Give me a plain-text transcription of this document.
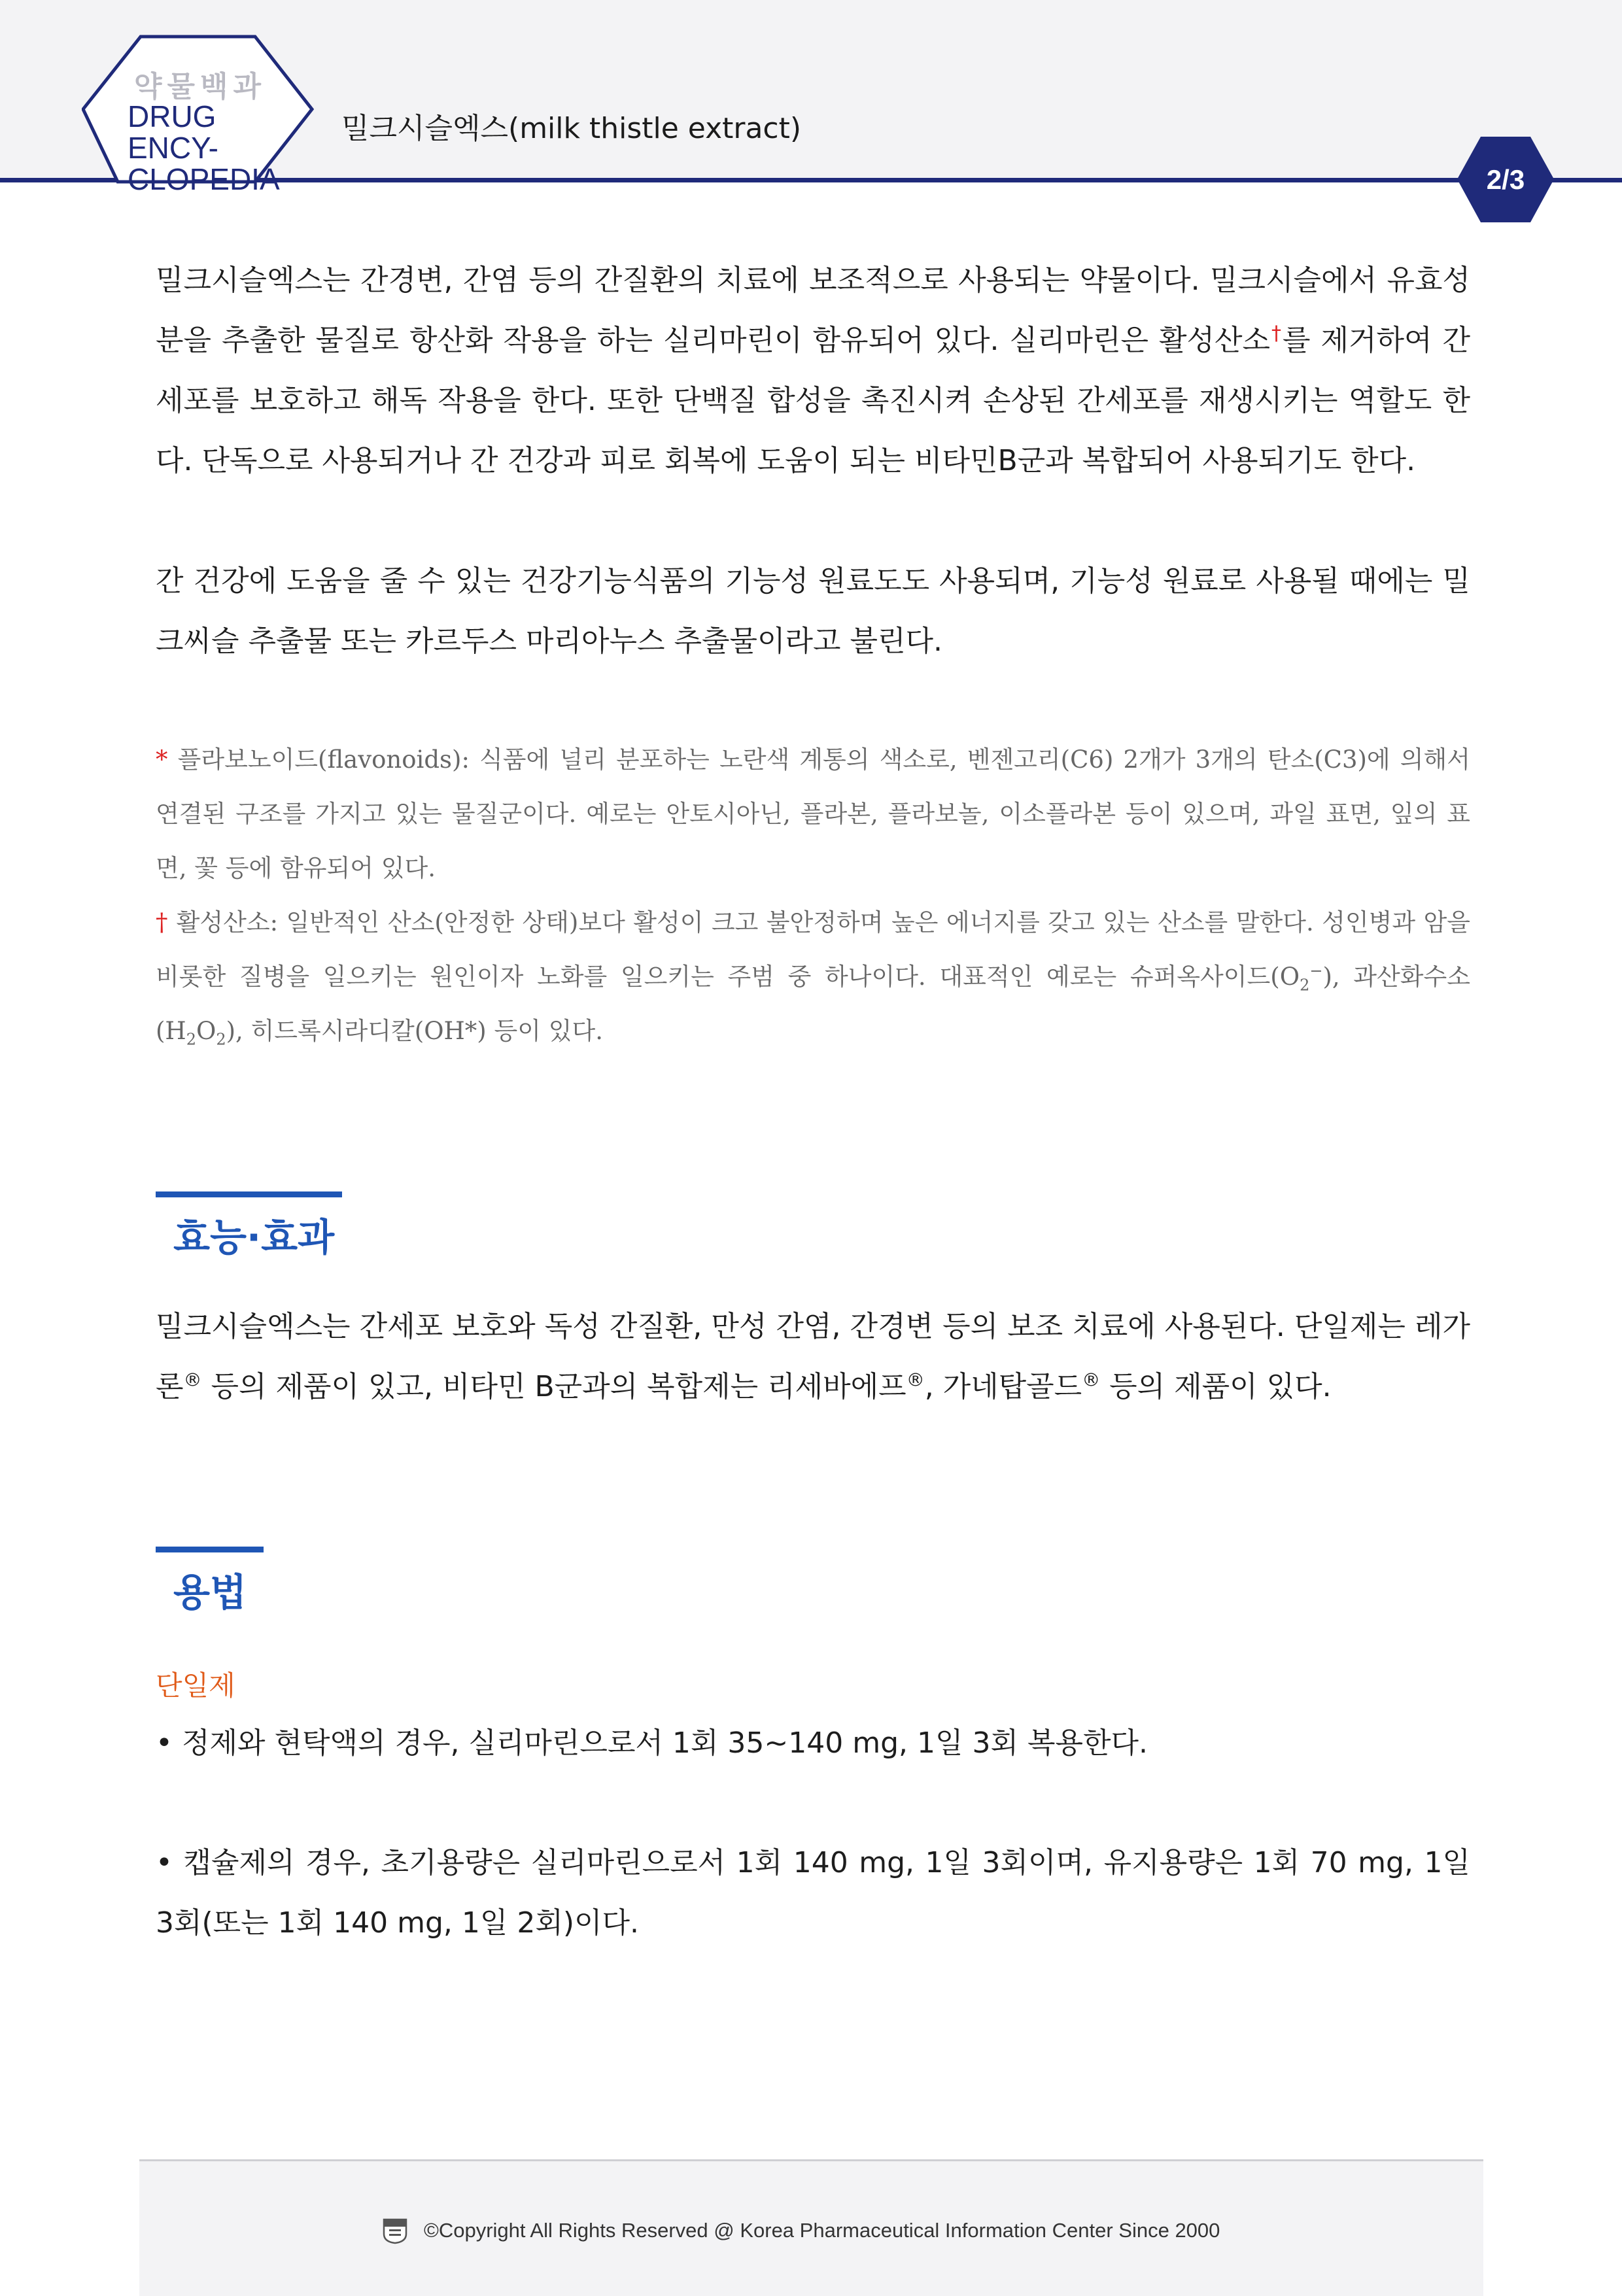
약물백과
DRUG ENCY-
CLOPEDIA
밀크시슬엑스(milk thistle extract)
2/3

밀크시슬엑스는 간경변, 간염 등의 간질환의 치료에 보조적으로 사용되는 약물이다. 밀크시슬에서 유효성분을 추출한 물질로 항산화 작용을 하는 실리마린이 함유되어 있다. 실리마린은 활성산소†를 제거하여 간세포를 보호하고 해독 작용을 한다. 또한 단백질 합성을 촉진시켜 손상된 간세포를 재생시키는 역할도 한다. 단독으로 사용되거나 간 건강과 피로 회복에 도움이 되는 비타민B군과 복합되어 사용되기도 한다.

간 건강에 도움을 줄 수 있는 건강기능식품의 기능성 원료도도 사용되며, 기능성 원료로 사용될 때에는 밀크씨슬 추출물 또는 카르두스 마리아누스 추출물이라고 불린다.

* 플라보노이드(flavonoids): 식품에 널리 분포하는 노란색 계통의 색소로, 벤젠고리(C6) 2개가 3개의 탄소(C3)에 의해서 연결된 구조를 가지고 있는 물질군이다. 예로는 안토시아닌, 플라본, 플라보놀, 이소플라본 등이 있으며, 과일 표면, 잎의 표면, 꽃 등에 함유되어 있다.

† 활성산소: 일반적인 산소(안정한 상태)보다 활성이 크고 불안정하며 높은 에너지를 갖고 있는 산소를 말한다. 성인병과 암을 비롯한 질병을 일으키는 원인이자 노화를 일으키는 주범 중 하나이다. 대표적인 예로는 슈퍼옥사이드$(O_2^-)$, 과산화수소$(H_2O_2)$, 히드록시라디칼(OH*) 등이 있다.

효능·효과

밀크시슬엑스는 간세포 보호와 독성 간질환, 만성 간염, 간경변 등의 보조 치료에 사용된다. 단일제는 레가론® 등의 제품이 있고, 비타민 B군과의 복합제는 리세바에프®, 가네탑골드® 등의 제품이 있다.

용법
단일제

• 정제와 현탁액의 경우, 실리마린으로서 1회 35~140 mg, 1일 3회 복용한다.

• 캡슐제의 경우, 초기용량은 실리마린으로서 1회 140 mg, 1일 3회이며, 유지용량은 1회 70 mg, 1일 3회(또는 1회 140 mg, 1일 2회)이다.

©Copyright All Rights Reserved @ Korea Pharmaceutical Information Center Since 2000
